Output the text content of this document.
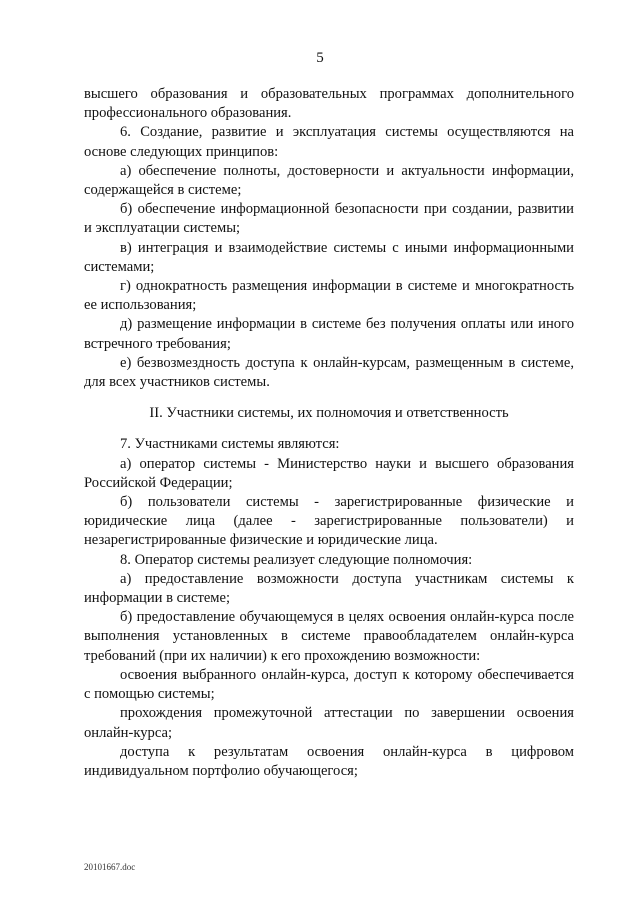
5

высшего образования и образовательных программах дополнительного профессионального образования.

6. Создание, развитие и эксплуатация системы осуществляются на основе следующих принципов:

а) обеспечение полноты, достоверности и актуальности информации, содержащейся в системе;

б) обеспечение информационной безопасности при создании, развитии и эксплуатации системы;

в) интеграция и взаимодействие системы с иными информационными системами;

г) однократность размещения информации в системе и многократность ее использования;

д) размещение информации в системе без получения оплаты или иного встречного требования;

е) безвозмездность доступа к онлайн-курсам, размещенным в системе, для всех участников системы.

II. Участники системы, их полномочия и ответственность

7. Участниками системы являются:

а) оператор системы - Министерство науки и высшего образования Российской Федерации;

б) пользователи системы - зарегистрированные физические и юридические лица (далее - зарегистрированные пользователи) и незарегистрированные физические и юридические лица.

8. Оператор системы реализует следующие полномочия:

а) предоставление возможности доступа участникам системы к информации в системе;

б) предоставление обучающемуся в целях освоения онлайн-курса после выполнения установленных в системе правообладателем онлайн-курса требований (при их наличии) к его прохождению возможности:

освоения выбранного онлайн-курса, доступ к которому обеспечивается с помощью системы;

прохождения промежуточной аттестации по завершении освоения онлайн-курса;

доступа к результатам освоения онлайн-курса в цифровом индивидуальном портфолио обучающегося;

20101667.doc
